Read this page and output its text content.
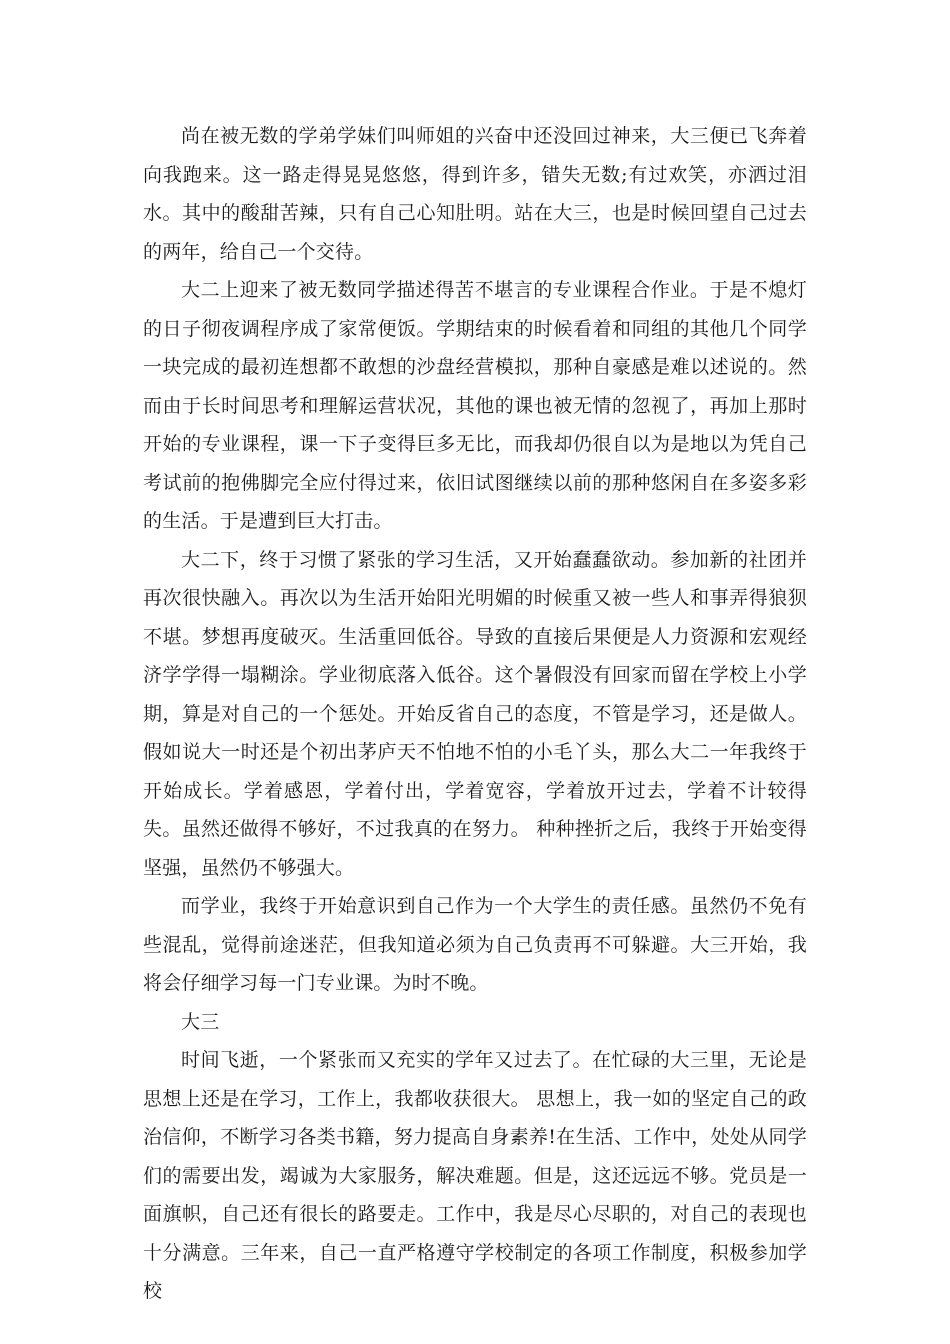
尚在被无数的学弟学妹们叫师姐的兴奋中还没回过神来，大三便已飞奔着向我跑来。这一路走得晃晃悠悠，得到许多，错失无数;有过欢笑，亦洒过泪水。其中的酸甜苦辣，只有自己心知肚明。站在大三，也是时候回望自己过去的两年，给自己一个交待。

大二上迎来了被无数同学描述得苦不堪言的专业课程合作业。于是不熄灯的日子彻夜调程序成了家常便饭。学期结束的时候看着和同组的其他几个同学一块完成的最初连想都不敢想的沙盘经营模拟，那种自豪感是难以述说的。然而由于长时间思考和理解运营状况，其他的课也被无情的忽视了，再加上那时开始的专业课程，课一下子变得巨多无比，而我却仍很自以为是地以为凭自己考试前的抱佛脚完全应付得过来，依旧试图继续以前的那种悠闲自在多姿多彩的生活。于是遭到巨大打击。

大二下，终于习惯了紧张的学习生活，又开始蠢蠢欲动。参加新的社团并再次很快融入。再次以为生活开始阳光明媚的时候重又被一些人和事弄得狼狈不堪。梦想再度破灭。生活重回低谷。导致的直接后果便是人力资源和宏观经济学学得一塌糊涂。学业彻底落入低谷。这个暑假没有回家而留在学校上小学期，算是对自己的一个惩处。开始反省自己的态度，不管是学习，还是做人。假如说大一时还是个初出茅庐天不怕地不怕的小毛丫头，那么大二一年我终于开始成长。学着感恩，学着付出，学着宽容，学着放开过去，学着不计较得失。虽然还做得不够好，不过我真的在努力。 种种挫折之后，我终于开始变得坚强，虽然仍不够强大。

而学业，我终于开始意识到自己作为一个大学生的责任感。虽然仍不免有些混乱，觉得前途迷茫，但我知道必须为自己负责再不可躲避。大三开始，我将会仔细学习每一门专业课。为时不晚。

大三

时间飞逝，一个紧张而又充实的学年又过去了。在忙碌的大三里，无论是思想上还是在学习，工作上，我都收获很大。 思想上，我一如的坚定自己的政治信仰，不断学习各类书籍，努力提高自身素养!在生活、工作中，处处从同学们的需要出发，竭诚为大家服务，解决难题。但是，这还远远不够。党员是一面旗帜，自己还有很长的路要走。工作中，我是尽心尽职的，对自己的表现也十分满意。三年来，自己一直严格遵守学校制定的各项工作制度，积极参加学校
